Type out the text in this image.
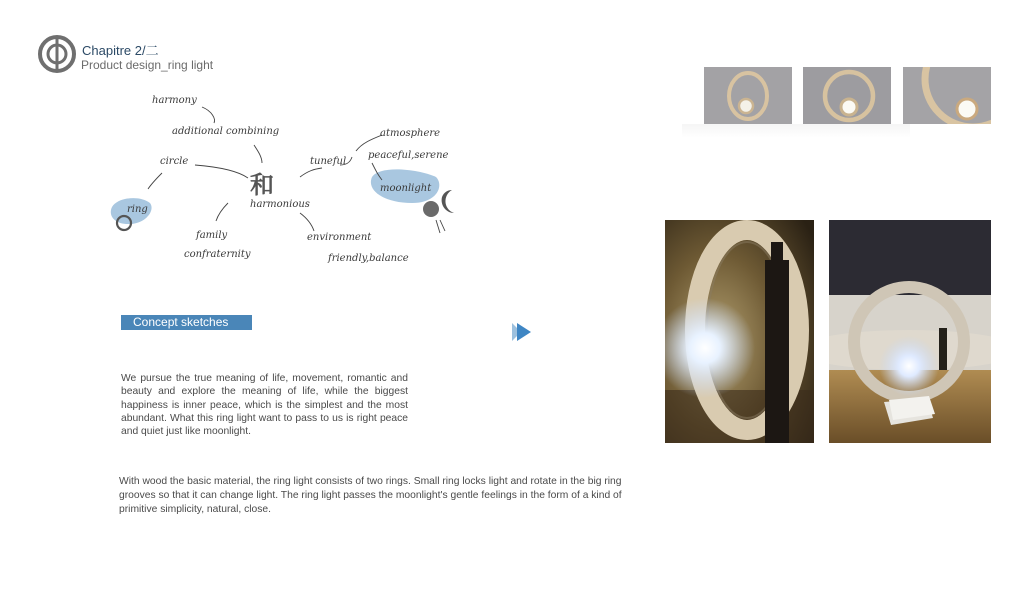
Chapitre 2/二
Product design_ring light
harmony
additional combining
circle
ring
和
harmonious
family
confraternity
tuneful
atmosphere
peaceful,serene
moonlight
environment
friendly,balance
Concept sketches
We pursue the true meaning of life, movement, romantic and beauty and explore the meaning of life, while the biggest happiness is inner peace, which is the simplest and the most abundant. What this ring light want to pass to us is right peace and quiet just like moonlight.
With wood the basic material, the ring light consists of two rings. Small ring locks light and rotate in the big ring grooves so that it can change light. The ring light passes the moonlight's gentle feelings in the form of a kind of primitive simplicity, natural, close.
